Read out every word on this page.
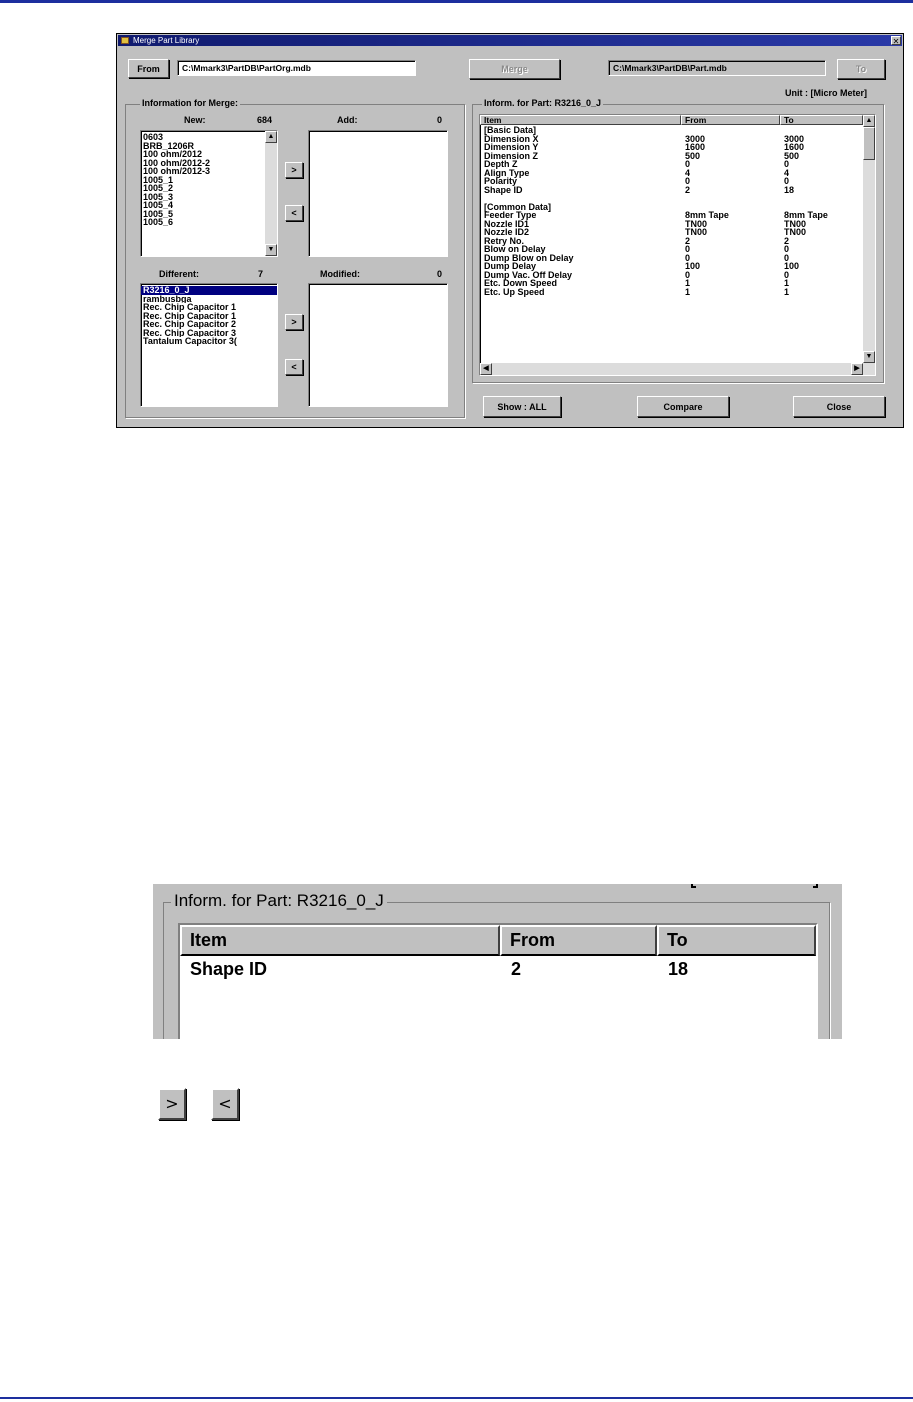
Merge Part Library	✕
From	C:\Mmark3\PartDB\PartOrg.mdb	Merge	C:\Mmark3\PartDB\Part.mdb	To
Unit : [Micro Meter]
Information for Merge:
New:	684	Add:	0
0603
BRB_1206R
100 ohm/2012
100 ohm/2012-2
100 ohm/2012-3
1005_1
1005_2
1005_3
1005_4
1005_5
1005_6
▲
▼
>
<
Different:	7	Modified:	0
R3216_0_J
rambusbga
Rec. Chip Capacitor 1
Rec. Chip Capacitor 1
Rec. Chip Capacitor 2
Rec. Chip Capacitor 3
Tantalum Capacitor 3(
>
<
Inform. for Part: R3216_0_J
Item	From	To
[Basic Data]
Dimension X	3000	3000
Dimension Y	1600	1600
Dimension Z	500	500
Depth Z	0	0
Align Type	4	4
Polarity	0	0
Shape ID	2	18
[Common Data]
Feeder Type	8mm Tape	8mm Tape
Nozzle ID1	TN00	TN00
Nozzle ID2	TN00	TN00
Retry No.	2	2
Blow on Delay	0	0
Dump Blow on Delay	0	0
Dump Delay	100	100
Dump Vac. Off Delay	0	0
Etc. Down Speed	1	1
Etc. Up Speed	1	1
▲
▼
◀	▶
Show : ALL	Compare	Close
Inform. for Part: R3216_0_J
Item	From	To
Shape ID	2	18
>	<
